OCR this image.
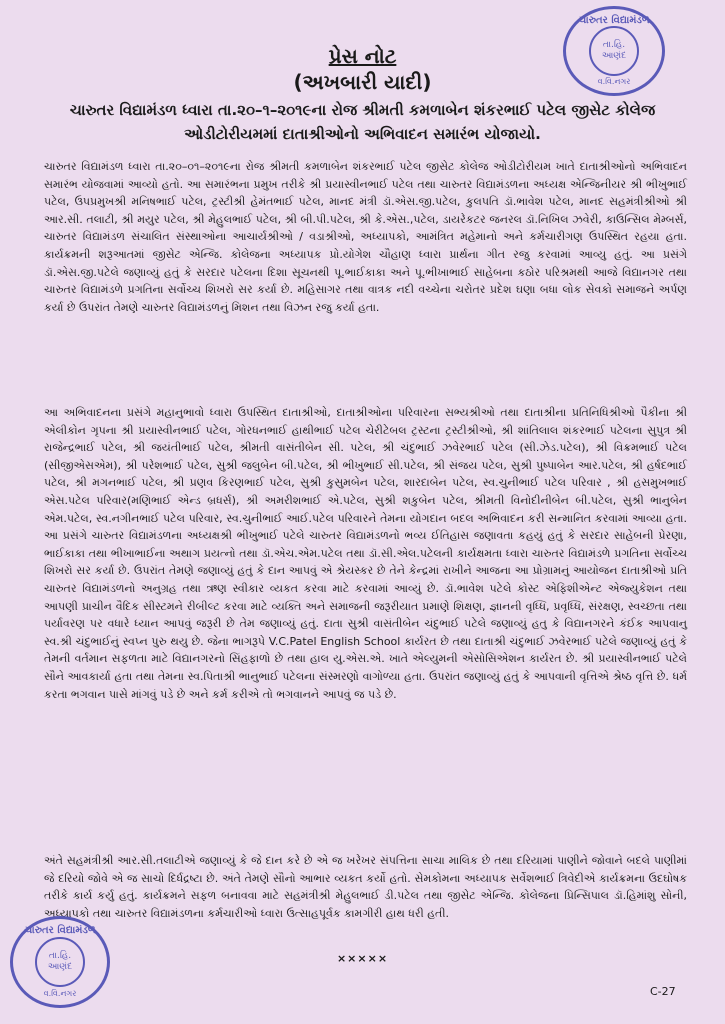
ચારુતર વિદ્યામંડળ
તા.હિ.
આણંદ
વ.વિ.નગર
પ્રેસ નોટ
(અખબારી યાદી)
ચારુતર વિદ્યામંડળ ધ્વારા તા.૨૦–૧–૨૦૧૯ના રોજ શ્રીમતી કમળાબેન શંકરભાઈ પટેલ જીસેટ કોલેજ ઓડીટોરીયમમાં દાતાશ્રીઓનો અભિવાદન સમારંભ યોજાયો.

ચારુતર વિદ્યામંડળ ધ્વારા તા.૨૦–૦૧–૨૦૧૯ના રોજ શ્રીમતી કમળાબેન શંકરભાઈ પટેલ જીસેટ કોલેજ ઓડીટોરીયમ ખાતે દાતાશ્રીઓનો અભિવાદન સમારંભ યોજવામાં આવ્યો હતો. આ સમારંભના પ્રમુખ તરીકે શ્રી પ્રયાસ્વીનભાઈ પટેલ તથા ચારુતર વિદ્યામંડળના અધ્યક્ષ એન્જિનીયર શ્રી ભીખુભાઈ પટેલ, ઉપપ્રમુખશ્રી મનિષભાઈ પટેલ, ટ્રસ્ટીશ્રી હેમંતભાઈ પટેલ, માનદ મંત્રી ડૉ.એસ.જી.પટેલ, કુલપતિ ડૉ.ભાવેશ પટેલ, માનદ સહમંત્રીશ્રીઓ શ્રી આર.સી. તલાટી, શ્રી મયુર પટેલ, શ્રી મેહુલભાઈ પટેલ, શ્રી બી.પી.પટેલ, શ્રી કે.એસ.,પટેલ, ડાયરેકટર જનરલ ડૉ.નિખિલ ઝવેરી, કાઉન્સિલ મેમ્બર્સ, ચારુતર વિદ્યામંડળ સંચાલિત સંસ્થાઓના આચાર્યશ્રીઓ / વડાશ્રીઓ, અધ્યાપકો, આમંત્રિત મહેમાનો અને કર્મચારીગણ ઉપસ્થિત રહયા હતા. કાર્યક્રમની શરૂઆતમાં જીસેટ એન્જિ. કોલેજના અધ્યાપક પ્રો.યોગેશ ચૌહાણ ધ્વારા પ્રાર્થના ગીત રજુ કરવામાં આવ્યુ હતું. આ પ્રસંગે ડૉ.એસ.જી.પટેલે જણાવ્યું હતું કે સરદાર પટેલના દિશા સૂચનથી પૂ.ભાઈકાકા અને પૂ.ભીખાભાઈ સાહેબના કઠોર પરિશ્રમથી આજે વિદ્યાનગર તથા ચારુતર વિદ્યામંડળે પ્રગતિના સર્વોચ્ચ શિખરો સર કર્યા છે. મહિસાગર તથા વાત્રક નદી વચ્ચેના ચરોતર પ્રદેશ ઘણા બધા લોક સેવકો સમાજને અર્પણ કર્યા છે ઉપરાંત તેમણે ચારુતર વિદ્યામંડળનું મિશન તથા વિઝન રજુ કર્યા હતા.

આ અભિવાદનના પ્રસંગે મહાનુભાવો ધ્વારા ઉપસ્થિત દાતાશ્રીઓ, દાતાશ્રીઓના પરિવારના સભ્યશ્રીઓ તથા દાતાશ્રીના પ્રતિનિધિશ્રીઓ પૈકીના શ્રી એલીકોન ગૃપના શ્રી પ્રયાસ્વીનભાઈ પટેલ, ગોરધનભાઈ હાથીભાઈ પટેલ ચેરીટેબલ ટ્રસ્ટના ટ્રસ્ટીશ્રીઓ, શ્રી શાંતિલાલ શંકરભાઈ પટેલના સુપુત્ર શ્રી રાજેન્દ્રભાઈ પટેલ, શ્રી જયંતીભાઈ પટેલ, શ્રીમતી વાસંતીબેન સી. પટેલ, શ્રી ચંદુભાઈ ઝવેરભાઈ પટેલ (સી.ઝેડ.પટેલ), શ્રી વિક્રમભાઈ પટેલ (સીજીએસએમ), શ્રી પરેશભાઈ પટેલ, સુશ્રી જલુબેન બી.પટેલ, શ્રી ભીખુભાઈ સી.પટેલ, શ્રી સંજય પટેલ, સુશ્રી પુષ્પાબેન આર.પટેલ, શ્રી હર્ષદભાઈ પટેલ, શ્રી મગનભાઈ પટેલ, શ્રી પ્રણવ કિરણભાઈ પટેલ, સુશ્રી કુસુમબેન પટેલ, શારદાબેન પટેલ, સ્વ.ચુનીભાઈ પટેલ પરિવાર , શ્રી હસમુખભાઈ એસ.પટેલ પરિવાર(મણિભાઈ એન્ડ બ્રધર્સ), શ્રી અમરીશભાઈ એ.પટેલ, સુશ્રી શકુબેન પટેલ, શ્રીમતી વિનોદીનીબેન બી.પટેલ, સુશ્રી ભાનુબેન એમ.પટેલ, સ્વ.નગીનભાઈ પટેલ પરિવાર, સ્વ.ચુનીભાઈ આઈ.પટેલ પરિવારને તેમના યોગદાન બદલ અભિવાદન કરી સન્માનિત કરવામાં આવ્યા હતા. આ પ્રસંગે ચારુતર વિદ્યામંડળના અધ્યક્ષશ્રી ભીખુભાઈ પટેલે ચારુતર વિદ્યામંડળનો ભવ્ય ઈતિહાસ જણાવતા કહયું હતું કે સરદાર સાહેબની પ્રેરણા, ભાઈકાકા તથા ભીખાભાઈના અથાગ પ્રયત્નો તથા ડૉ.એચ.એમ.પટેલ તથા ડૉ.સી.એલ.પટેલની કાર્યક્ષમતા ધ્વારા ચારુતર વિદ્યામંડળે પ્રગતિના સર્વોચ્ચ શિખરો સર કર્યા છે. ઉપરાંત તેમણે જણાવ્યું હતું કે દાન આપવું એ શ્રેયસ્કર છે તેને કેન્દ્રમાં રાખીને આજના આ પ્રોગ્રામનું આયોજન દાતાશ્રીઓ પ્રતિ ચારુતર વિદ્યામંડળનો અનુગ્રહ તથા ઋણ સ્વીકાર વ્યકત કરવા માટે કરવામાં આવ્યું છે. ડૉ.ભાવેશ પટેલે કોસ્ટ એફિશીએન્ટ એજ્યુકેશન તથા આપણી પ્રાચીન વૈદિક સીસ્ટમને રીબીલ્ટ કરવા માટે વ્યક્તિ અને સમાજની જરૂરીયાત પ્રમાણે શિક્ષણ, જ્ઞાનની વૃધ્ધિ, પ્રવૃધ્ધિ, સંરક્ષણ, સ્વચ્છતા તથા પર્યાવરણ પર વધારે ધ્યાન આપવું જરૂરી છે તેમ જણાવ્યું હતું. દાતા સુશ્રી વાસંતીબેન ચંદુભાઈ પટેલે જણાવ્યું હતુ કે વિદ્યાનગરને કંઈક આપવાનુ સ્વ.શ્રી ચંદુભાઈનું સ્વપ્ન પુરુ થયુ છે. જેના ભાગરૂપે V.C.Patel English School કાર્યરત છે તથા દાતાશ્રી ચંદુભાઈ ઝવેરભાઈ પટેલે જણાવ્યું હતું કે તેમની વર્તમાન સફળતા માટે વિદ્યાનગરનો સિંહફાળો છે તથા હાલ યુ.એસ.એ. ખાતે એલ્યુમની એસોસિએશન કાર્યરત છે. શ્રી પ્રયાસ્વીનભાઈ પટેલે સૌને આવકાર્યા હતા તથા તેમના સ્વ.પિતાશ્રી ભાનુભાઈ પટેલના સંસ્મરણો વાગોળ્યા હતા. ઉપરાંત જણાવ્યું હતું કે આપવાની વૃત્તિએ શ્રેષ્ઠ વૃત્તિ છે. ધર્મ કરતા ભગવાન પાસે માંગવું પડે છે અને કર્મ કરીએ તો ભગવાનને આપવું જ પડે છે.

અંતે સહમંત્રીશ્રી આર.સી.તલાટીએ જણાવ્યું કે જે દાન કરે છે એ જ ખરેખર સંપત્તિના સાચા માલિક છે તથા દરિયામાં પાણીને જોવાને બદલે પાણીમાં જે દરિયો જોવે એ જ સાચો દિર્ધદ્રષ્ટા છે. અંતે તેમણે સૌનો આભાર વ્યકત કર્યો હતો. સેમકોમના અધ્યાપક સર્વેશભાઈ ત્રિવેદીએ કાર્યક્રમના ઉદઘોષક તરીકે કાર્ય કર્યુ હતું. કાર્યક્રમને સફળ બનાવવા માટે સહમંત્રીશ્રી મેહુલભાઈ ડી.પટેલ તથા જીસેટ એન્જિ. કોલેજના પ્રિન્સિપાલ ડૉ.હિમાંશુ સોની, અધ્યાપકો તથા ચારુતર વિદ્યામંડળના કર્મચારીઓ ધ્વારા ઉત્સાહપૂર્વક કામગીરી હાથ ધરી હતી.

×××××
C-27
ચારુતર વિદ્યામંડળ
તા.હિ.
આણંદ
વ.વિ.નગર
